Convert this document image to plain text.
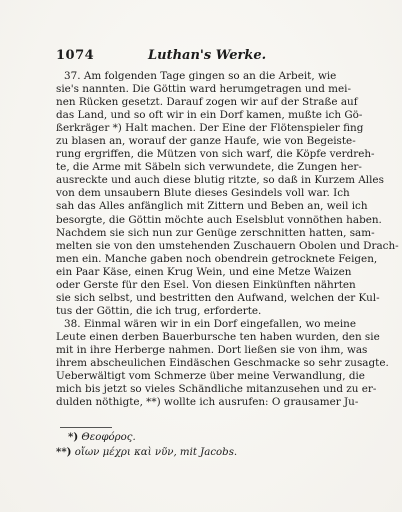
1074	Luthan's Werke.
37. Am folgenden Tage gingen so an die Arbeit, wie
sie's nannten. Die Göttin ward herumgetragen und mei-
nen Rücken gesetzt. Darauf zogen wir auf der Straße auf
das Land, und so oft wir in ein Dorf kamen, mußte ich Gö-
ßerkräger *) Halt machen. Der Eine der Flötenspieler fing
zu blasen an, worauf der ganze Haufe, wie von Begeiste-
rung ergriffen, die Mützen von sich warf, die Köpfe verdreh-
te, die Arme mit Säbeln sich verwundete, die Zungen her-
ausreckte und auch diese blutig ritzte, so daß in Kurzem Alles
von dem unsaubern Blute dieses Gesindels voll war. Ich
sah das Alles anfänglich mit Zittern und Beben an, weil ich
besorgte, die Göttin möchte auch Eselsblut vonnöthen haben.
Nachdem sie sich nun zur Genüge zerschnitten hatten, sam-
melten sie von den umstehenden Zuschauern Obolen und Drach-
men ein. Manche gaben noch obendrein getrocknete Feigen,
ein Paar Käse, einen Krug Wein, und eine Metze Waizen
oder Gerste für den Esel. Von diesen Einkünften nährten
sie sich selbst, und bestritten den Aufwand, welchen der Kul-
tus der Göttin, die ich trug, erforderte.
38. Einmal wären wir in ein Dorf eingefallen, wo meine
Leute einen derben Bauerbursche ten haben wurden, den sie
mit in ihre Herberge nahmen. Dort ließen sie von ihm, was
ihrem abscheulichen Eindäschen Geschmacke so sehr zusagte.
Ueberwältigt vom Schmerze über meine Verwandlung, die
mich bis jetzt so vieles Schändliche mitanzusehen und zu er-
dulden nöthigte, **) wollte ich ausrufen: O grausamer Ju-
*) Θεοφόρος.
**) οἴων μέχρι καὶ νῦν, mit Jacobs.
